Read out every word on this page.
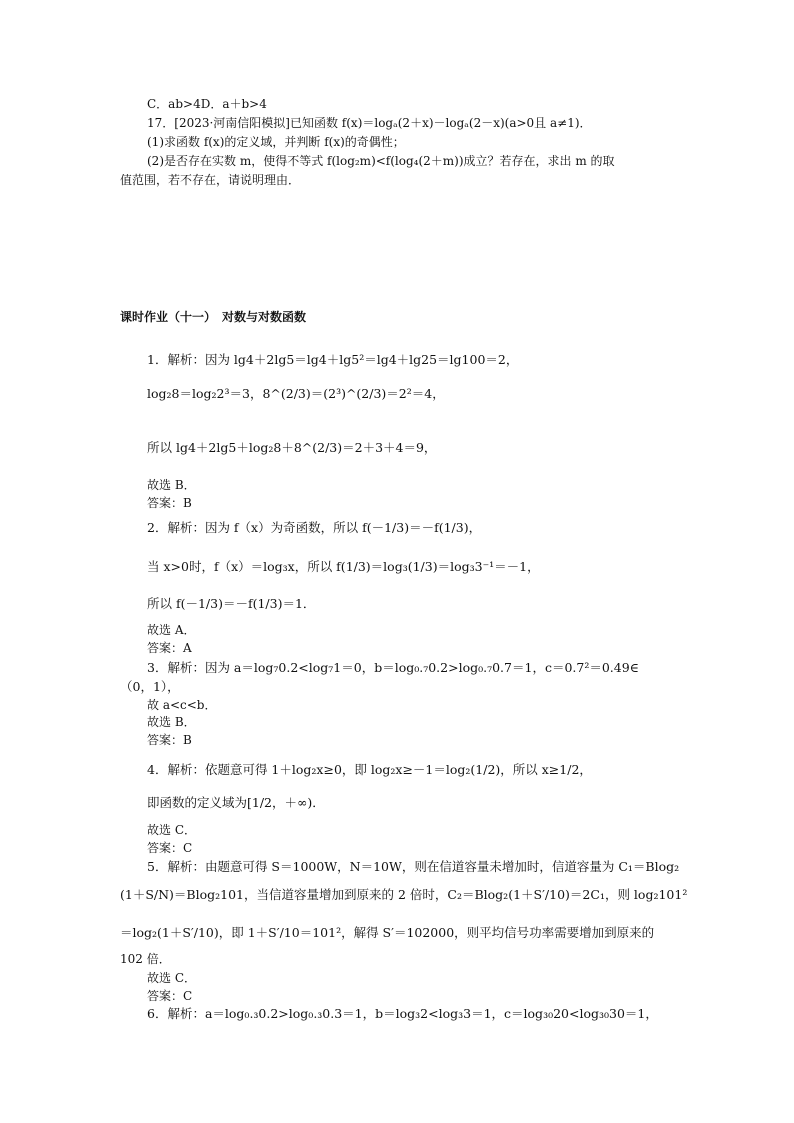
C．ab>4D．a＋b>4
17．[2023·河南信阳模拟]已知函数 f(x)＝logₐ(2＋x)－logₐ(2－x)(a>0且 a≠1)．
(1)求函数 f(x)的定义域，并判断 f(x)的奇偶性；
(2)是否存在实数 m，使得不等式 f(log₂m)<f(log₄(2＋m))成立？若存在，求出 m 的取
值范围，若不存在，请说明理由．
课时作业（十一）　对数与对数函数
1．解析：因为 lg4＋2lg5＝lg4＋lg5²＝lg4＋lg25＝lg100＝2，
log₂8＝log₂2³＝3，8^(2/3)＝(2³)^(2/3)＝2²＝4，
所以 lg4＋2lg5＋log₂8＋8^(2/3)＝2＋3＋4＝9，
故选 B．
答案：B
2．解析：因为 f（x）为奇函数，所以 f(－1/3)＝－f(1/3)，
当 x>0时，f（x）＝log₃x，所以 f(1/3)＝log₃(1/3)＝log₃3⁻¹＝－1，
所以 f(－1/3)＝－f(1/3)＝1．
故选 A．
答案：A
3．解析：因为 a＝log₇0.2<log₇1＝0，b＝log₀.₇0.2>log₀.₇0.7＝1，c＝0.7²＝0.49∈
（0，1），
故 a<c<b．
故选 B．
答案：B
4．解析：依题意可得 1＋log₂x≥0，即 log₂x≥－1＝log₂(1/2)，所以 x≥1/2，
即函数的定义域为[1/2，＋∞)．
故选 C．
答案：C
5．解析：由题意可得 S＝1000W，N＝10W，则在信道容量未增加时，信道容量为 C₁＝Blog₂
(1＋S/N)＝Blog₂101，当信道容量增加到原来的 2 倍时，C₂＝Blog₂(1＋S′/10)＝2C₁，则 log₂101²
＝log₂(1＋S′/10)，即 1＋S′/10＝101²，解得 S′＝102000，则平均信号功率需要增加到原来的
102 倍．
故选 C．
答案：C
6．解析：a＝log₀.₃0.2>log₀.₃0.3＝1，b＝log₃2<log₃3＝1，c＝log₃₀20<log₃₀30＝1，
